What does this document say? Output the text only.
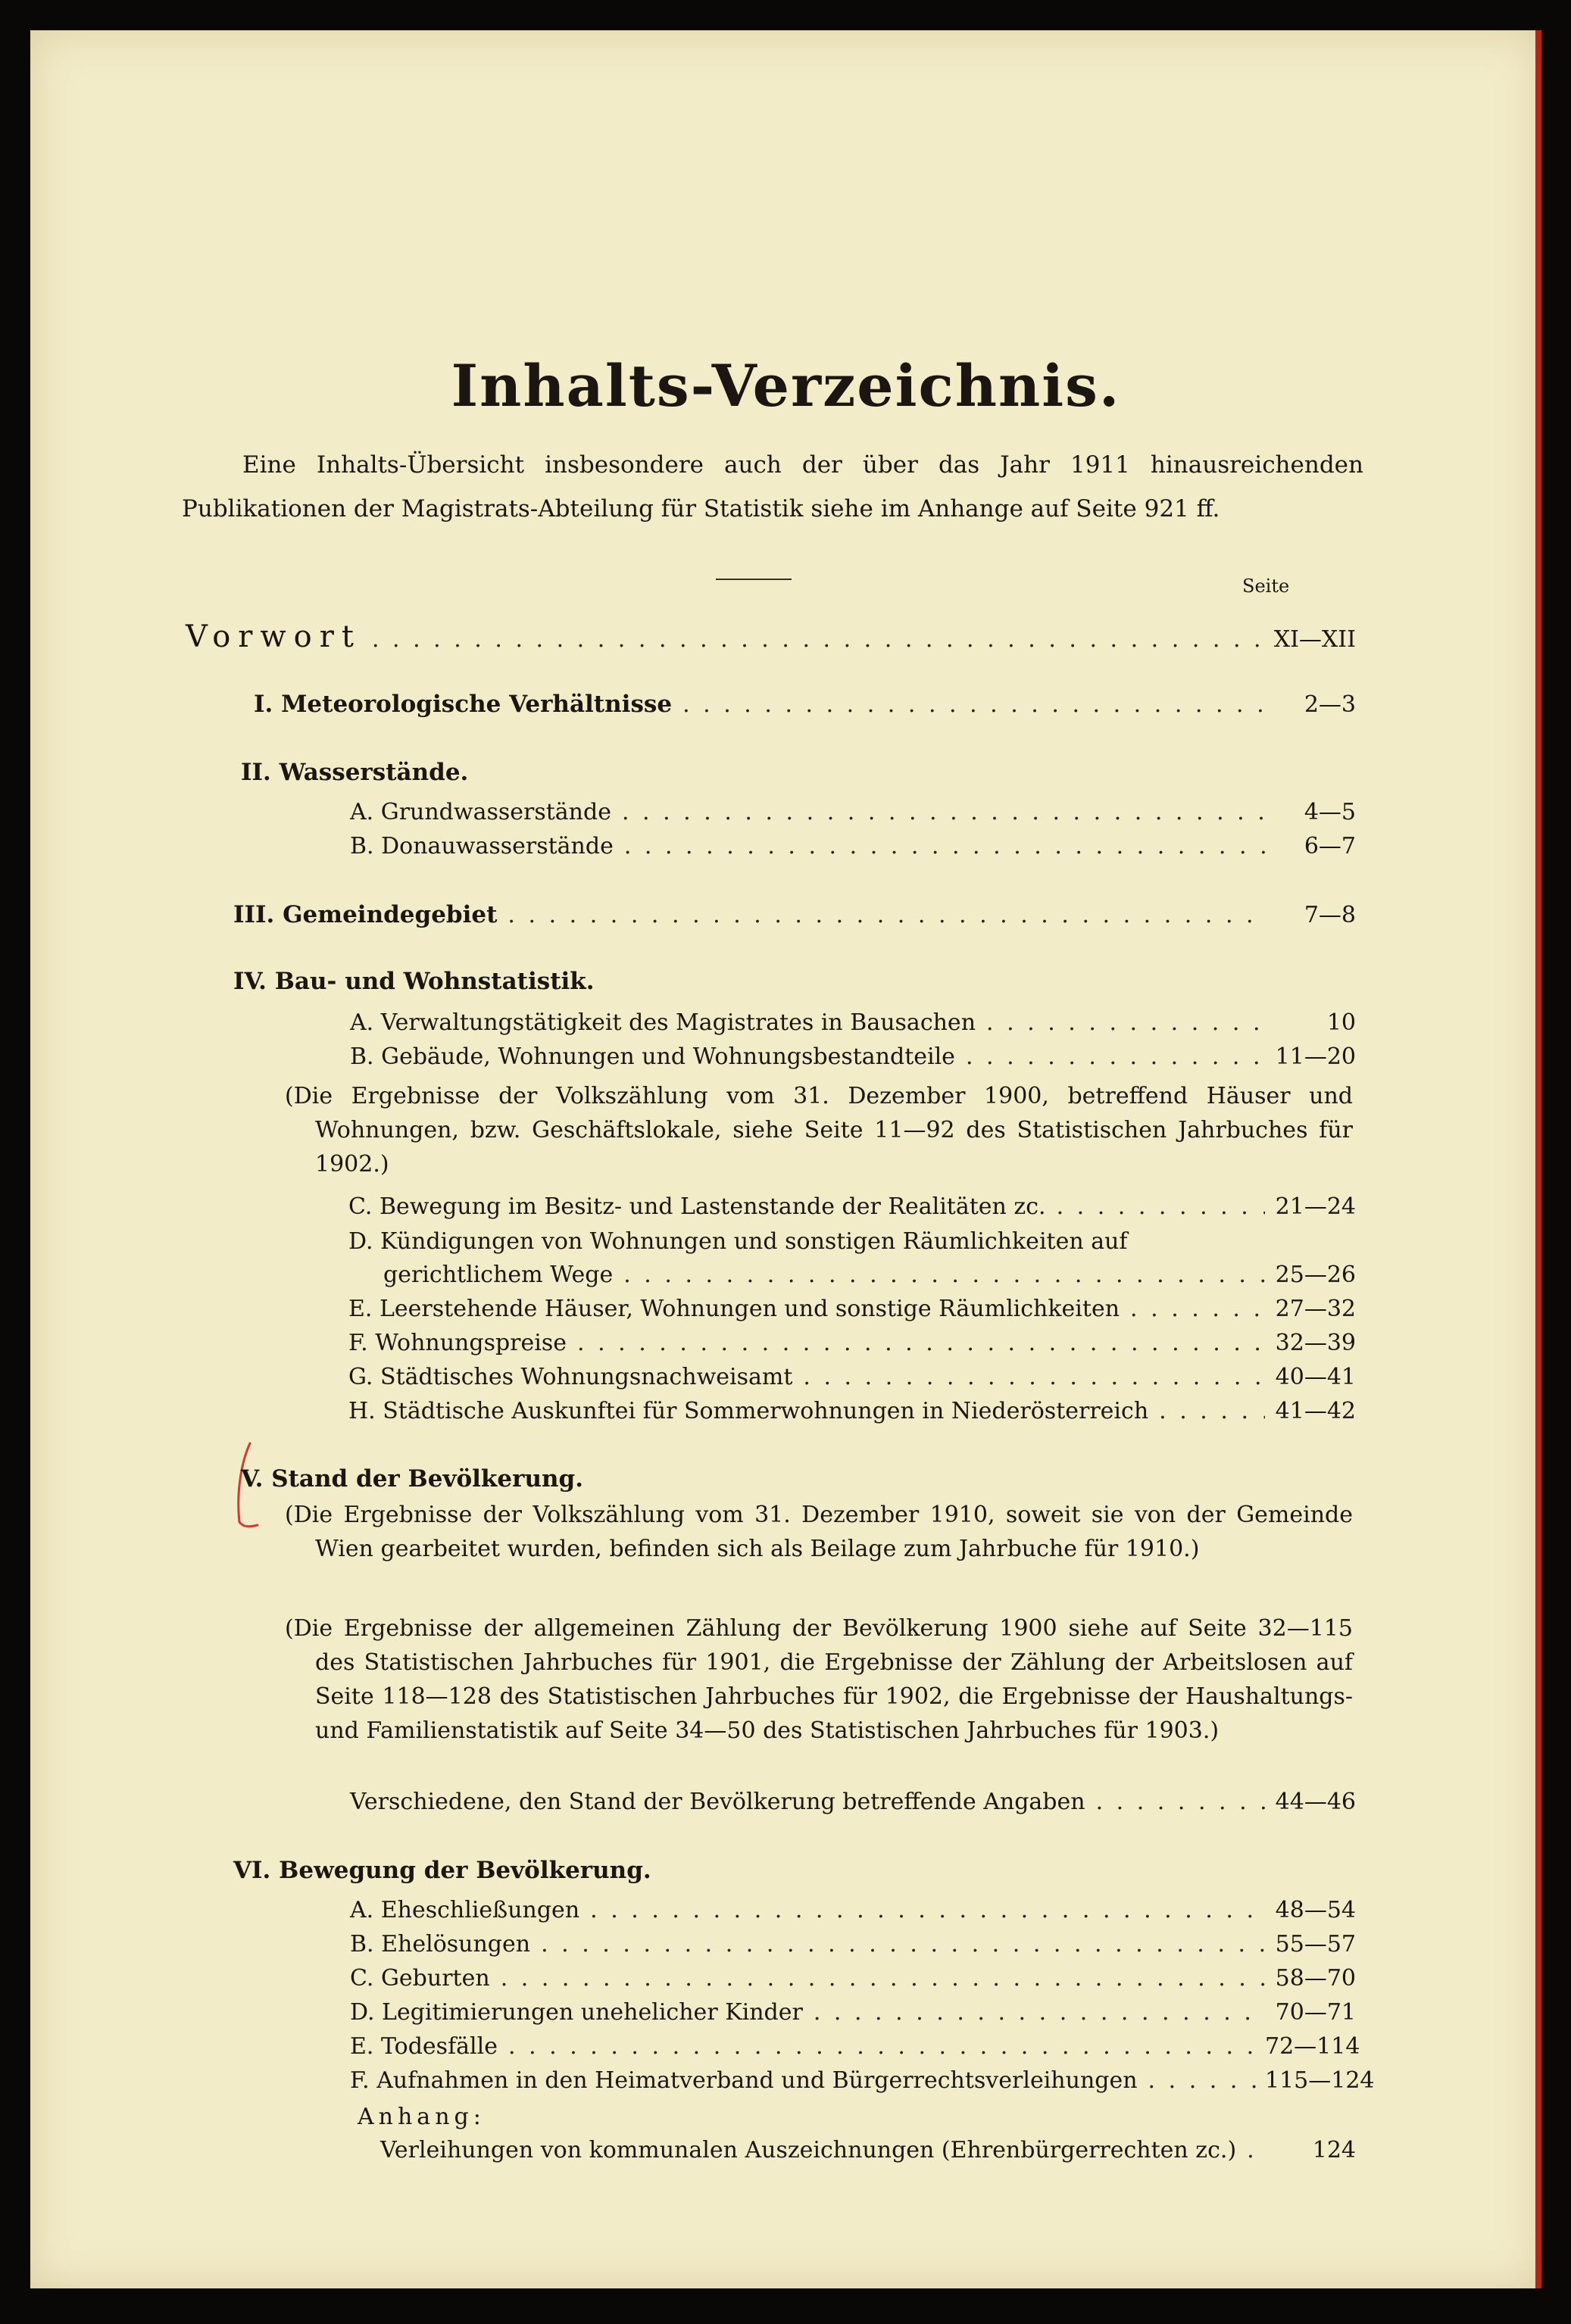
Inhalts-Verzeichnis.

Eine Inhalts-Übersicht insbesondere auch der über das Jahr 1911 hinausreichenden Publikationen der Magistrats-Abteilung für Statistik siehe im Anhange auf Seite 921 ff.

Seite
Vorwort . . .	XI—XII
I. Meteorologische Verhältnisse . . .	2—3
II. Wasserstände.
A. Grundwasserstände . . .	4—5
B. Donauwasserstände . . .	6—7
III. Gemeindegebiet . . .	7—8
IV. Bau- und Wohnstatistik.
A. Verwaltungstätigkeit des Magistrates in Bausachen . . .	10
B. Gebäude, Wohnungen und Wohnungsbestandteile . . .	11—20

(Die Ergebnisse der Volkszählung vom 31. Dezember 1900, betreffend Häuser und Wohnungen, bzw. Geschäftslokale, siehe Seite 11—92 des Statistischen Jahrbuches für 1902.)

C. Bewegung im Besitz- und Lastenstande der Realitäten zc. . . .	21—24
D. Kündigungen von Wohnungen und sonstigen Räumlichkeiten auf
gerichtlichem Wege . . .	25—26
E. Leerstehende Häuser, Wohnungen und sonstige Räumlichkeiten . . .	27—32
F. Wohnungspreise . . .	32—39
G. Städtisches Wohnungsnachweisamt . . .	40—41
H. Städtische Auskunftei für Sommerwohnungen in Niederösterreich . . .	41—42
V. Stand der Bevölkerung.

(Die Ergebnisse der Volkszählung vom 31. Dezember 1910, soweit sie von der Gemeinde Wien gearbeitet wurden, befinden sich als Beilage zum Jahrbuche für 1910.)

(Die Ergebnisse der allgemeinen Zählung der Bevölkerung 1900 siehe auf Seite 32—115 des Statistischen Jahrbuches für 1901, die Ergebnisse der Zählung der Arbeitslosen auf Seite 118—128 des Statistischen Jahrbuches für 1902, die Ergebnisse der Haushaltungs- und Familienstatistik auf Seite 34—50 des Statistischen Jahrbuches für 1903.)

Verschiedene, den Stand der Bevölkerung betreffende Angaben . . .	44—46
VI. Bewegung der Bevölkerung.
A. Eheschließungen . . .	48—54
B. Ehelösungen . . .	55—57
C. Geburten . . .	58—70
D. Legitimierungen unehelicher Kinder . . .	70—71
E. Todesfälle . . .	72—114
F. Aufnahmen in den Heimatverband und Bürgerrechtsverleihungen . . .	115—124
Anhang:
Verleihungen von kommunalen Auszeichnungen (Ehrenbürgerrechten zc.) . . .	124
